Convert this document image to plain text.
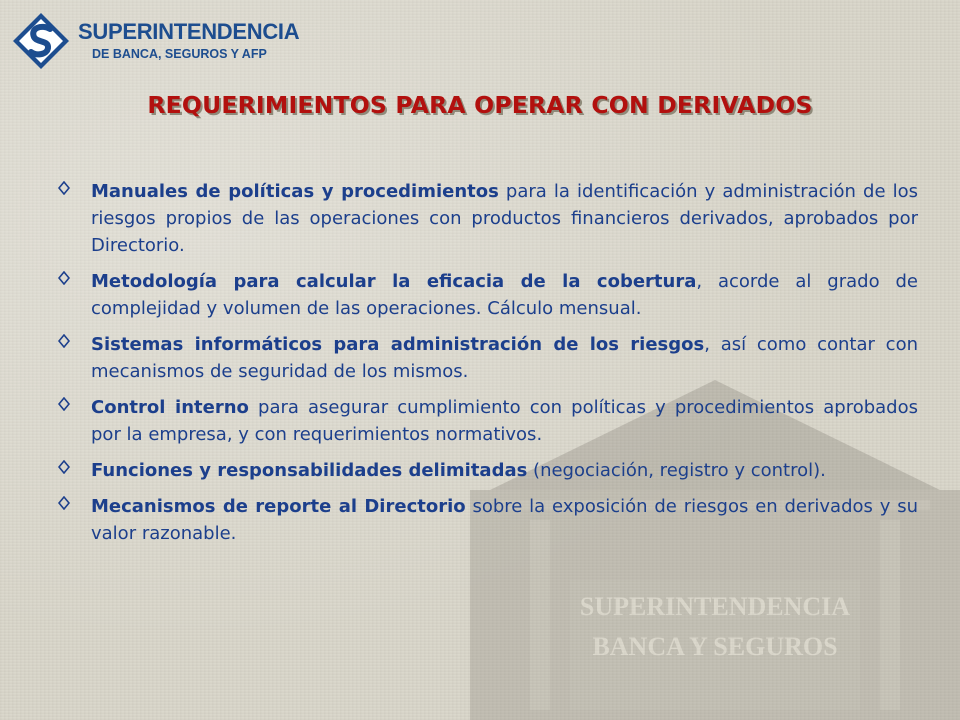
SUPERINTENDENCIA
BANCA Y SEGUROS
SUPERINTENDENCIA
DE BANCA, SEGUROS Y AFP
REQUERIMIENTOS PARA OPERAR CON DERIVADOS
Manuales de políticas y procedimientos para la identificación y administración de los riesgos propios de las operaciones con productos financieros derivados, aprobados por Directorio.
Metodología para calcular la eficacia de la cobertura, acorde al grado de complejidad y volumen de las operaciones. Cálculo mensual.
Sistemas informáticos para administración de los riesgos, así como contar con mecanismos de seguridad de los mismos.
Control interno para asegurar cumplimiento con políticas y procedimientos aprobados por la empresa, y con requerimientos normativos.
Funciones y responsabilidades delimitadas (negociación, registro y control).
Mecanismos de reporte al Directorio sobre la exposición de riesgos en derivados y su valor razonable.
